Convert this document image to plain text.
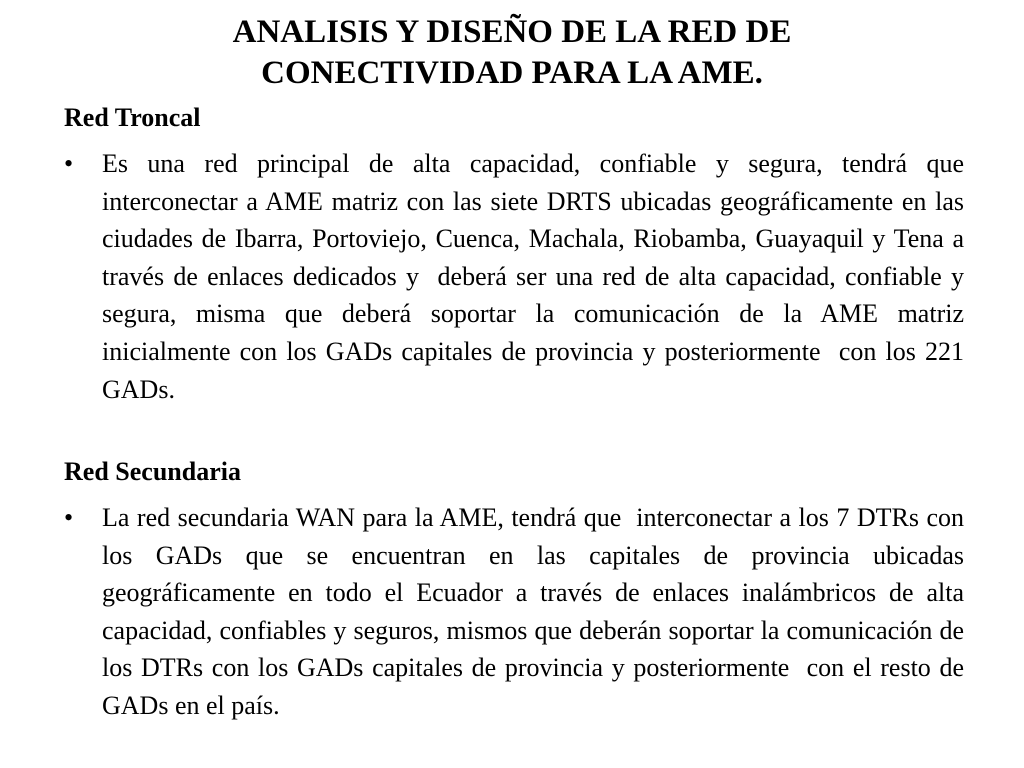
ANALISIS Y DISEÑO DE LA RED DE
CONECTIVIDAD PARA LA AME.
Red Troncal

•	Es una red principal de alta capacidad, confiable y segura, tendrá que  interconectar a AME matriz con las siete DRTS ubicadas geográficamente en las ciudades de Ibarra, Portoviejo, Cuenca, Machala, Riobamba, Guayaquil y Tena a través de enlaces dedicados y  deberá ser una red de alta capacidad, confiable y segura, misma que deberá soportar la comunicación de la AME matriz inicialmente con los GADs capitales de provincia y posteriormente  con los 221 GADs.

Red Secundaria

•	La red secundaria WAN para la AME, tendrá que  interconectar a los 7 DTRs con los GADs que se encuentran en las capitales de provincia ubicadas geográficamente en todo el Ecuador a través de enlaces inalámbricos de alta capacidad, confiables y seguros, mismos que deberán soportar la comunicación de los DTRs con los GADs capitales de provincia y posteriormente  con el resto de GADs en el país.
